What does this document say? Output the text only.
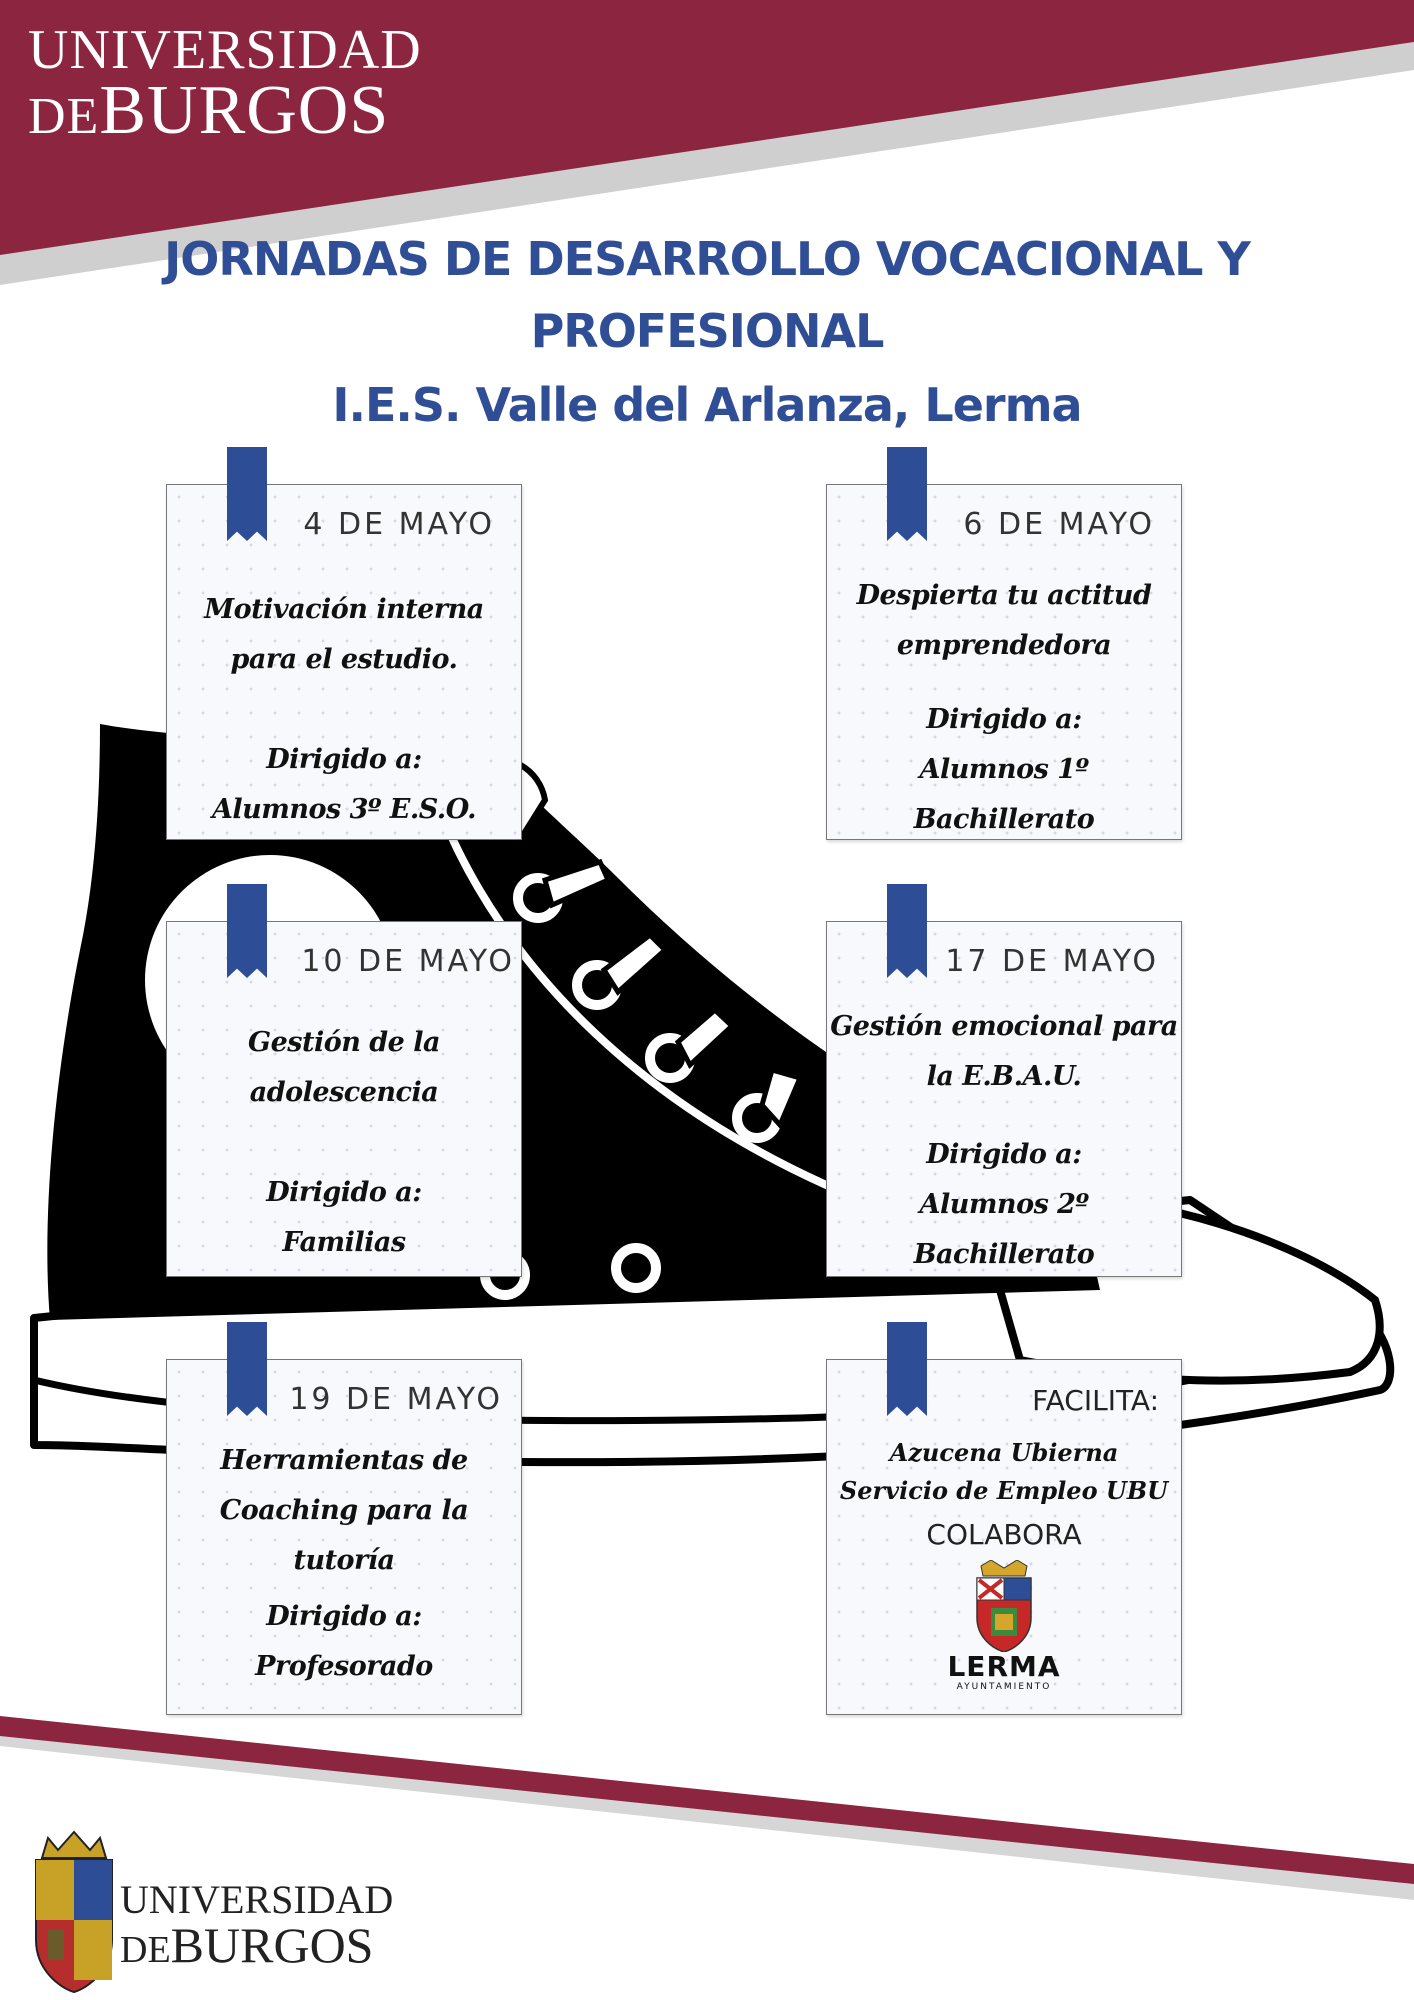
UNIVERSIDAD
DEBURGOS
JORNADAS DE DESARROLLO VOCACIONAL Y
PROFESIONAL
I.E.S. Valle del Arlanza, Lerma
4 DE MAYO
Motivación interna
para el estudio.
Dirigido a:
Alumnos 3º E.S.O.
6 DE MAYO
Despierta tu actitud
emprendedora
Dirigido a:
Alumnos 1º
Bachillerato
10 DE MAYO
Gestión de la
adolescencia
Dirigido a:
Familias
17 DE MAYO
Gestión emocional para
la E.B.A.U.
Dirigido a:
Alumnos 2º
Bachillerato
19 DE MAYO
Herramientas de
Coaching para la tutoría
Dirigido a:
Profesorado
FACILITA:
Azucena Ubierna
Servicio de Empleo UBU
COLABORA
LERMA
AYUNTAMIENTO
UNIVERSIDAD
DEBURGOS
